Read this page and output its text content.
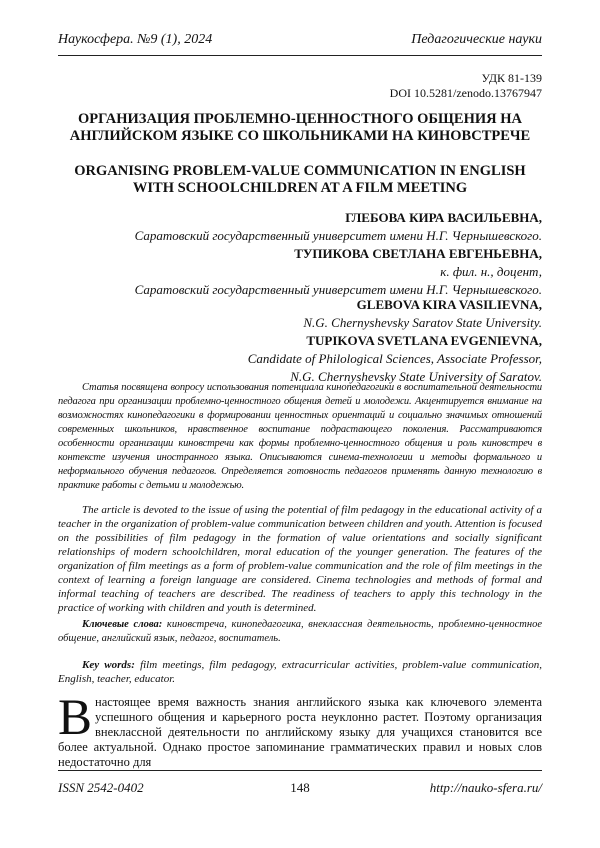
Наукосфера. №9 (1), 2024	Педагогические науки
УДК 81-139
DOI 10.5281/zenodo.13767947
ОРГАНИЗАЦИЯ ПРОБЛЕМНО-ЦЕННОСТНОГО ОБЩЕНИЯ НА АНГЛИЙСКОМ ЯЗЫКЕ СО ШКОЛЬНИКАМИ НА КИНОВСТРЕЧЕ
ORGANISING PROBLEM-VALUE COMMUNICATION IN ENGLISH WITH SCHOOLCHILDREN AT A FILM MEETING
ГЛЕБОВА КИРА ВАСИЛЬЕВНА,
Саратовский государственный университет имени Н.Г. Чернышевского.
ТУПИКОВА СВЕТЛАНА ЕВГЕНЬЕВНА,
к. фил. н., доцент,
Саратовский государственный университет имени Н.Г. Чернышевского.
GLEBOVA KIRA VASILIEVNA,
N.G. Chernyshevsky Saratov State University.
TUPIKOVA SVETLANA EVGENIEVNA,
Candidate of Philological Sciences, Associate Professor,
N.G. Chernyshevsky State University of Saratov.

Статья посвящена вопросу использования потенциала кинопедагогики в воспитательной деятельности педагога при организации проблемно-ценностного общения детей и молодежи. Акцентируется внимание на возможностях кинопедагогики в формировании ценностных ориентаций и социально значимых отношений современных школьников, нравственное воспитание подрастающего поколения. Рассматриваются особенности организации киновстречи как формы проблемно-ценностного общения и роль киновстреч в контексте изучения иностранного языка. Описываются синема-технологии и методы формального и неформального обучения педагогов. Определяется готовность педагогов применять данную технологию в практике работы с детьми и молодежью.

The article is devoted to the issue of using the potential of film pedagogy in the educational activity of a teacher in the organization of problem-value communication between children and youth. Attention is focused on the possibilities of film pedagogy in the formation of value orientations and socially significant relationships of modern schoolchildren, moral education of the younger generation. The features of the organization of film meetings as a form of problem-value communication and the role of film meetings in the context of learning a foreign language are considered. Cinema technologies and methods of formal and informal teaching of teachers are described. The readiness of teachers to apply this technology in the practice of working with children and youth is determined.

Ключевые слова: киновстреча, кинопедагогика, внеклассная деятельность, проблемно-ценностное общение, английский язык, педагог, воспитатель.

Key words: film meetings, film pedagogy, extracurricular activities, problem-value communication, English, teacher, educator.

Внастоящее время важность знания английского языка как ключевого элемента успешного общения и карьерного роста неуклонно растет. Поэтому организация внеклассной деятельности по английскому языку для учащихся становится все более актуальной. Однако простое запоминание грамматических правил и новых слов недостаточно для

ISSN 2542-0402	148	http://nauko-sfera.ru/
